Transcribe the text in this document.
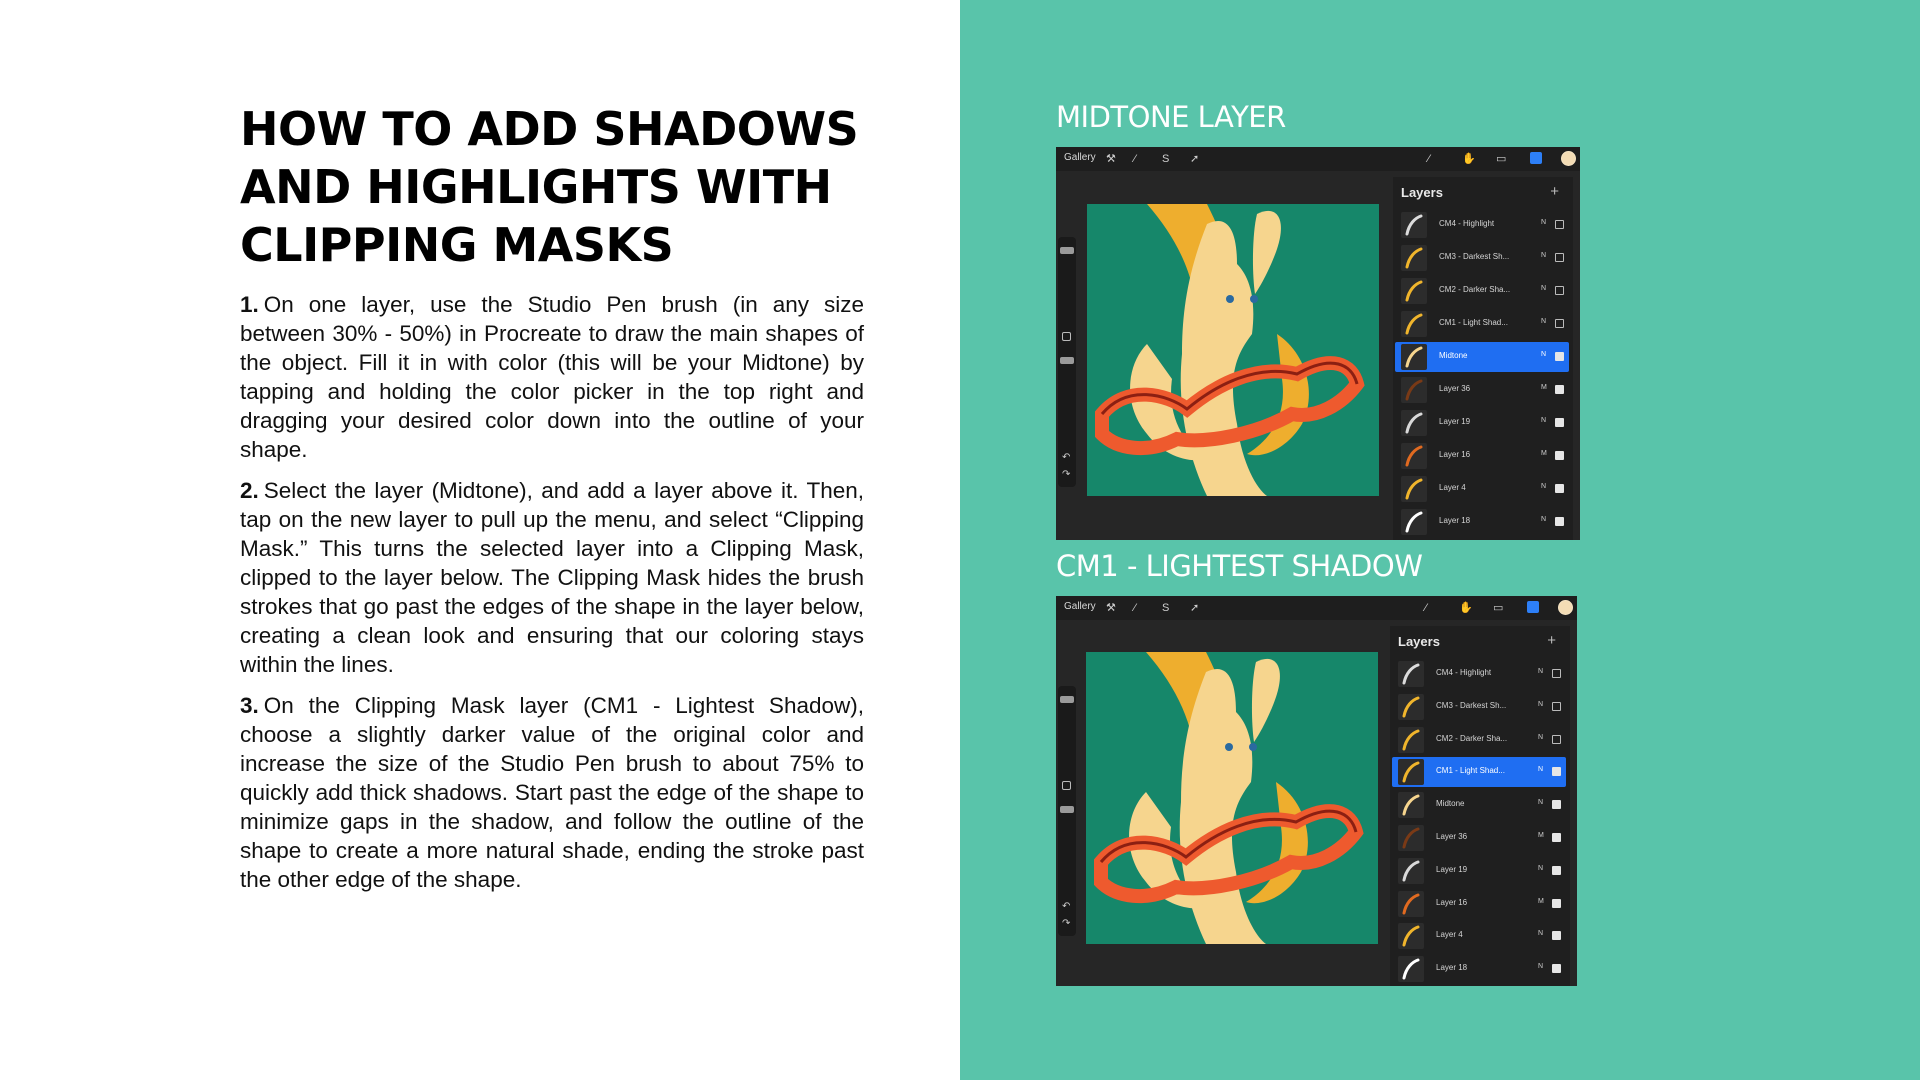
HOW TO ADD SHADOWS
AND HIGHLIGHTS WITH
CLIPPING MASKS

1. On one layer, use the Studio Pen brush (in any size between 30% - 50%) in Procreate to draw the main shapes of the object. Fill it in with color (this will be your Midtone) by tapping and holding the color picker in the top right and dragging your desired color down into the outline of your shape.

2. Select the layer (Midtone), and add a layer above it. Then, tap on the new layer to pull up the menu, and select “Clipping Mask.” This turns the selected layer into a Clipping Mask, clipped to the layer below. The Clipping Mask hides the brush strokes that go past the edges of the shape in the layer below, creating a clean look and ensuring that our coloring stays within the lines.

3. On the Clipping Mask layer (CM1 - Lightest Shadow), choose a slightly darker value of the original color and increase the size of the Studio Pen brush to about 75% to quickly add thick shadows. Start past the edge of the shape to minimize gaps in the shadow, and follow the outline of the shape to create a more natural shade, ending the stroke past the other edge of the shape.

MIDTONE LAYER
CM1 - LIGHTEST SHADOW
Gallery ⚒ ⁄ S ➚	⁄	✋ ▭
↶
↷
Layers	+
CM4 - Highlight	N
CM3 - Darkest Sh...	N
CM2 - Darker Sha...	N
CM1 - Light Shad...	N
Midtone	N
Layer 36	M
Layer 19	N
Layer 16	M
Layer 4	N
Layer 18	N
Gallery ⚒ ⁄ S ➚	⁄	✋ ▭
↶
↷
Layers	+
CM4 - Highlight	N
CM3 - Darkest Sh...	N
CM2 - Darker Sha...	N
CM1 - Light Shad...	N
Midtone	N
Layer 36	M
Layer 19	N
Layer 16	M
Layer 4	N
Layer 18	N
